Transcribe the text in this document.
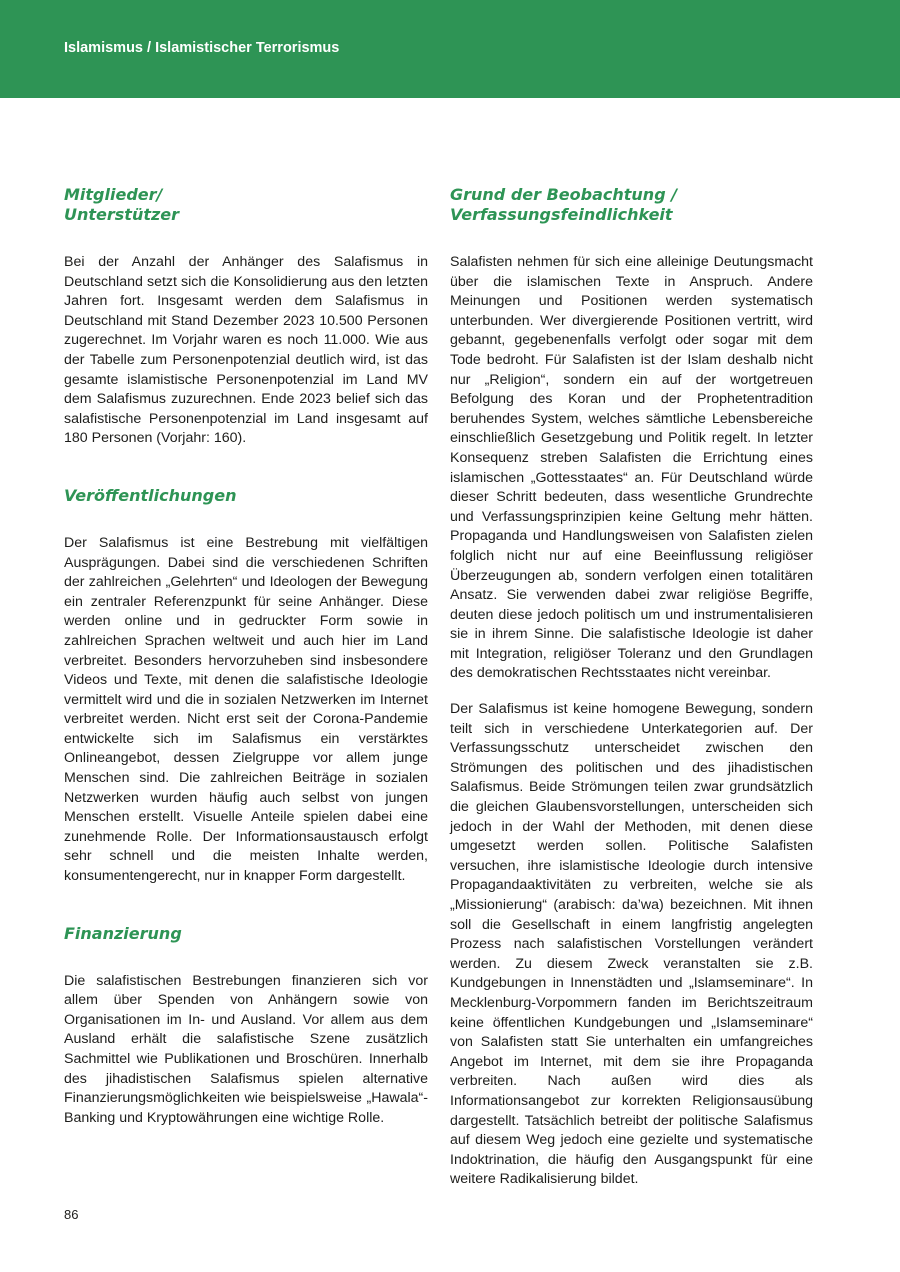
Islamismus / Islamistischer Terrorismus
Mitglieder/
Unterstützer

Bei der Anzahl der Anhänger des Salafismus in Deutschland setzt sich die Konsolidierung aus den letzten Jahren fort. Insgesamt werden dem Salafismus in Deutschland mit Stand Dezember 2023 10.500 Personen zugerechnet. Im Vorjahr waren es noch 11.000. Wie aus der Tabelle zum Personenpotenzial deutlich wird, ist das gesamte islamistische Personenpotenzial im Land MV dem Salafismus zuzurechnen. Ende 2023 belief sich das salafistische Personenpotenzial im Land insgesamt auf 180 Personen (Vorjahr: 160).

Veröffentlichungen

Der Salafismus ist eine Bestrebung mit vielfältigen Ausprägungen. Dabei sind die verschiedenen Schriften der zahlreichen „Gelehrten“ und Ideologen der Bewegung ein zentraler Referenzpunkt für seine Anhänger. Diese werden online und in gedruckter Form sowie in zahlreichen Sprachen weltweit und auch hier im Land verbreitet. Besonders hervorzuheben sind insbesondere Videos und Texte, mit denen die salafistische Ideologie vermittelt wird und die in sozialen Netzwerken im Internet verbreitet werden. Nicht erst seit der Corona-Pandemie entwickelte sich im Salafismus ein verstärktes Onlineangebot, dessen Zielgruppe vor allem junge Menschen sind. Die zahlreichen Beiträge in sozialen Netzwerken wurden häufig auch selbst von jungen Menschen erstellt. Visuelle Anteile spielen dabei eine zunehmende Rolle. Der Informationsaustausch erfolgt sehr schnell und die meisten Inhalte werden, konsumentengerecht, nur in knapper Form dargestellt.

Finanzierung

Die salafistischen Bestrebungen finanzieren sich vor allem über Spenden von Anhängern sowie von Organisationen im In- und Ausland. Vor allem aus dem Ausland erhält die salafistische Szene zusätzlich Sachmittel wie Publikationen und Broschüren. Innerhalb des jihadistischen Salafismus spielen alternative Finanzierungsmöglichkeiten wie beispielsweise „Hawala“-Banking und Kryptowährungen eine wichtige Rolle.

Grund der Beobachtung /
Verfassungsfeindlichkeit

Salafisten nehmen für sich eine alleinige Deutungsmacht über die islamischen Texte in Anspruch. Andere Meinungen und Positionen werden systematisch unterbunden. Wer divergierende Positionen vertritt, wird gebannt, gegebenenfalls verfolgt oder sogar mit dem Tode bedroht. Für Salafisten ist der Islam deshalb nicht nur „Religion“, sondern ein auf der wortgetreuen Befolgung des Koran und der Prophetentradition beruhendes System, welches sämtliche Lebensbereiche einschließlich Gesetzgebung und Politik regelt. In letzter Konsequenz streben Salafisten die Errichtung eines islamischen „Gottesstaates“ an. Für Deutschland würde dieser Schritt bedeuten, dass wesentliche Grundrechte und Verfassungsprinzipien keine Geltung mehr hätten. Propaganda und Handlungsweisen von Salafisten zielen folglich nicht nur auf eine Beeinflussung religiöser Überzeugungen ab, sondern verfolgen einen totalitären Ansatz. Sie verwenden dabei zwar religiöse Begriffe, deuten diese jedoch politisch um und instrumentalisieren sie in ihrem Sinne. Die salafistische Ideologie ist daher mit Integration, religiöser Toleranz und den Grundlagen des demokratischen Rechtsstaates nicht vereinbar.

Der Salafismus ist keine homogene Bewegung, sondern teilt sich in verschiedene Unterkategorien auf. Der Verfassungsschutz unterscheidet zwischen den Strömungen des politischen und des jihadistischen Salafismus. Beide Strömungen teilen zwar grundsätzlich die gleichen Glaubensvorstellungen, unterscheiden sich jedoch in der Wahl der Methoden, mit denen diese umgesetzt werden sollen. Politische Salafisten versuchen, ihre islamistische Ideologie durch intensive Propagandaaktivitäten zu verbreiten, welche sie als „Missionierung“ (arabisch: da’wa) bezeichnen. Mit ihnen soll die Gesellschaft in einem langfristig angelegten Prozess nach salafistischen Vorstellungen verändert werden. Zu diesem Zweck veranstalten sie z.B. Kundgebungen in Innenstädten und „Islamseminare“. In Mecklenburg-Vorpommern fanden im Berichtszeitraum keine öffentlichen Kundgebungen und „Islamseminare“ von Salafisten statt Sie unterhalten ein umfangreiches Angebot im Internet, mit dem sie ihre Propaganda verbreiten. Nach außen wird dies als Informationsangebot zur korrekten Religionsausübung dargestellt. Tatsächlich betreibt der politische Salafismus auf diesem Weg jedoch eine gezielte und systematische Indoktrination, die häufig den Ausgangspunkt für eine weitere Radikalisierung bildet.

86
